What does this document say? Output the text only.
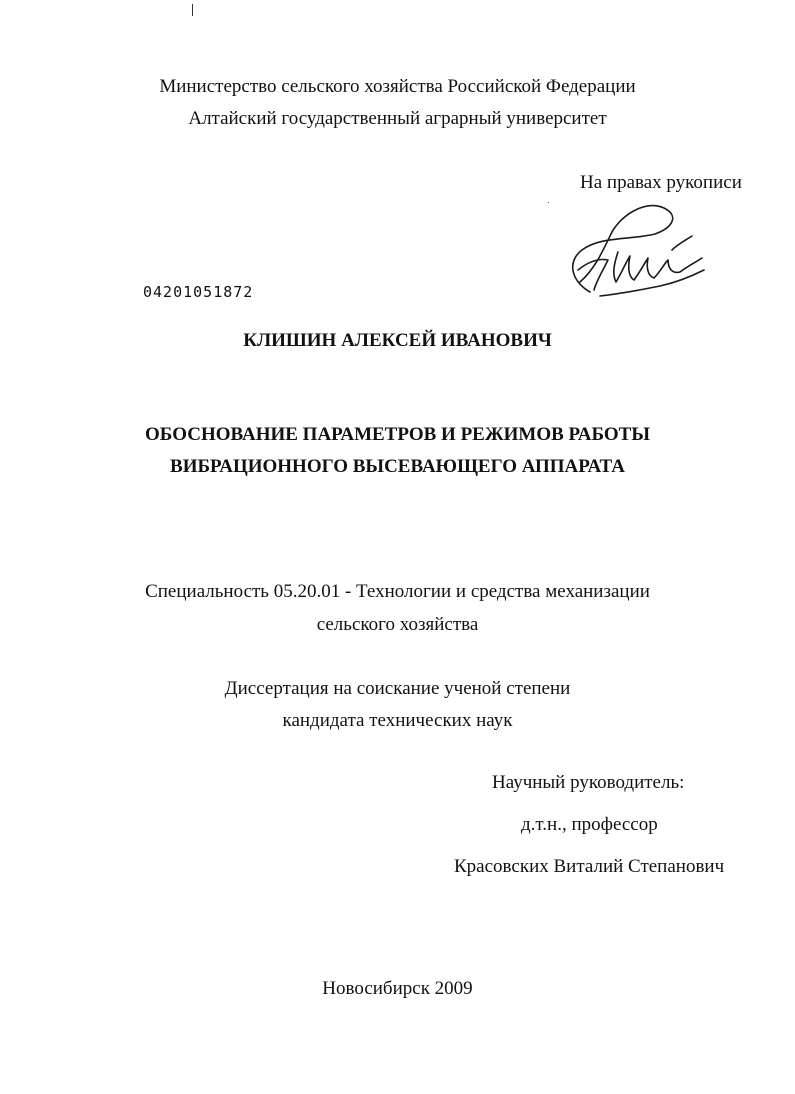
Министерство сельского хозяйства Российской Федерации
Алтайский государственный аграрный университет
На правах рукописи
04201051872
КЛИШИН АЛЕКСЕЙ ИВАНОВИЧ
ОБОСНОВАНИЕ ПАРАМЕТРОВ И РЕЖИМОВ РАБОТЫ
ВИБРАЦИОННОГО ВЫСЕВАЮЩЕГО АППАРАТА
Специальность 05.20.01 - Технологии и средства механизации
сельского хозяйства
Диссертация на соискание ученой степени
кандидата технических наук
Научный руководитель:
д.т.н., профессор
Красовских Виталий Степанович
Новосибирск 2009
